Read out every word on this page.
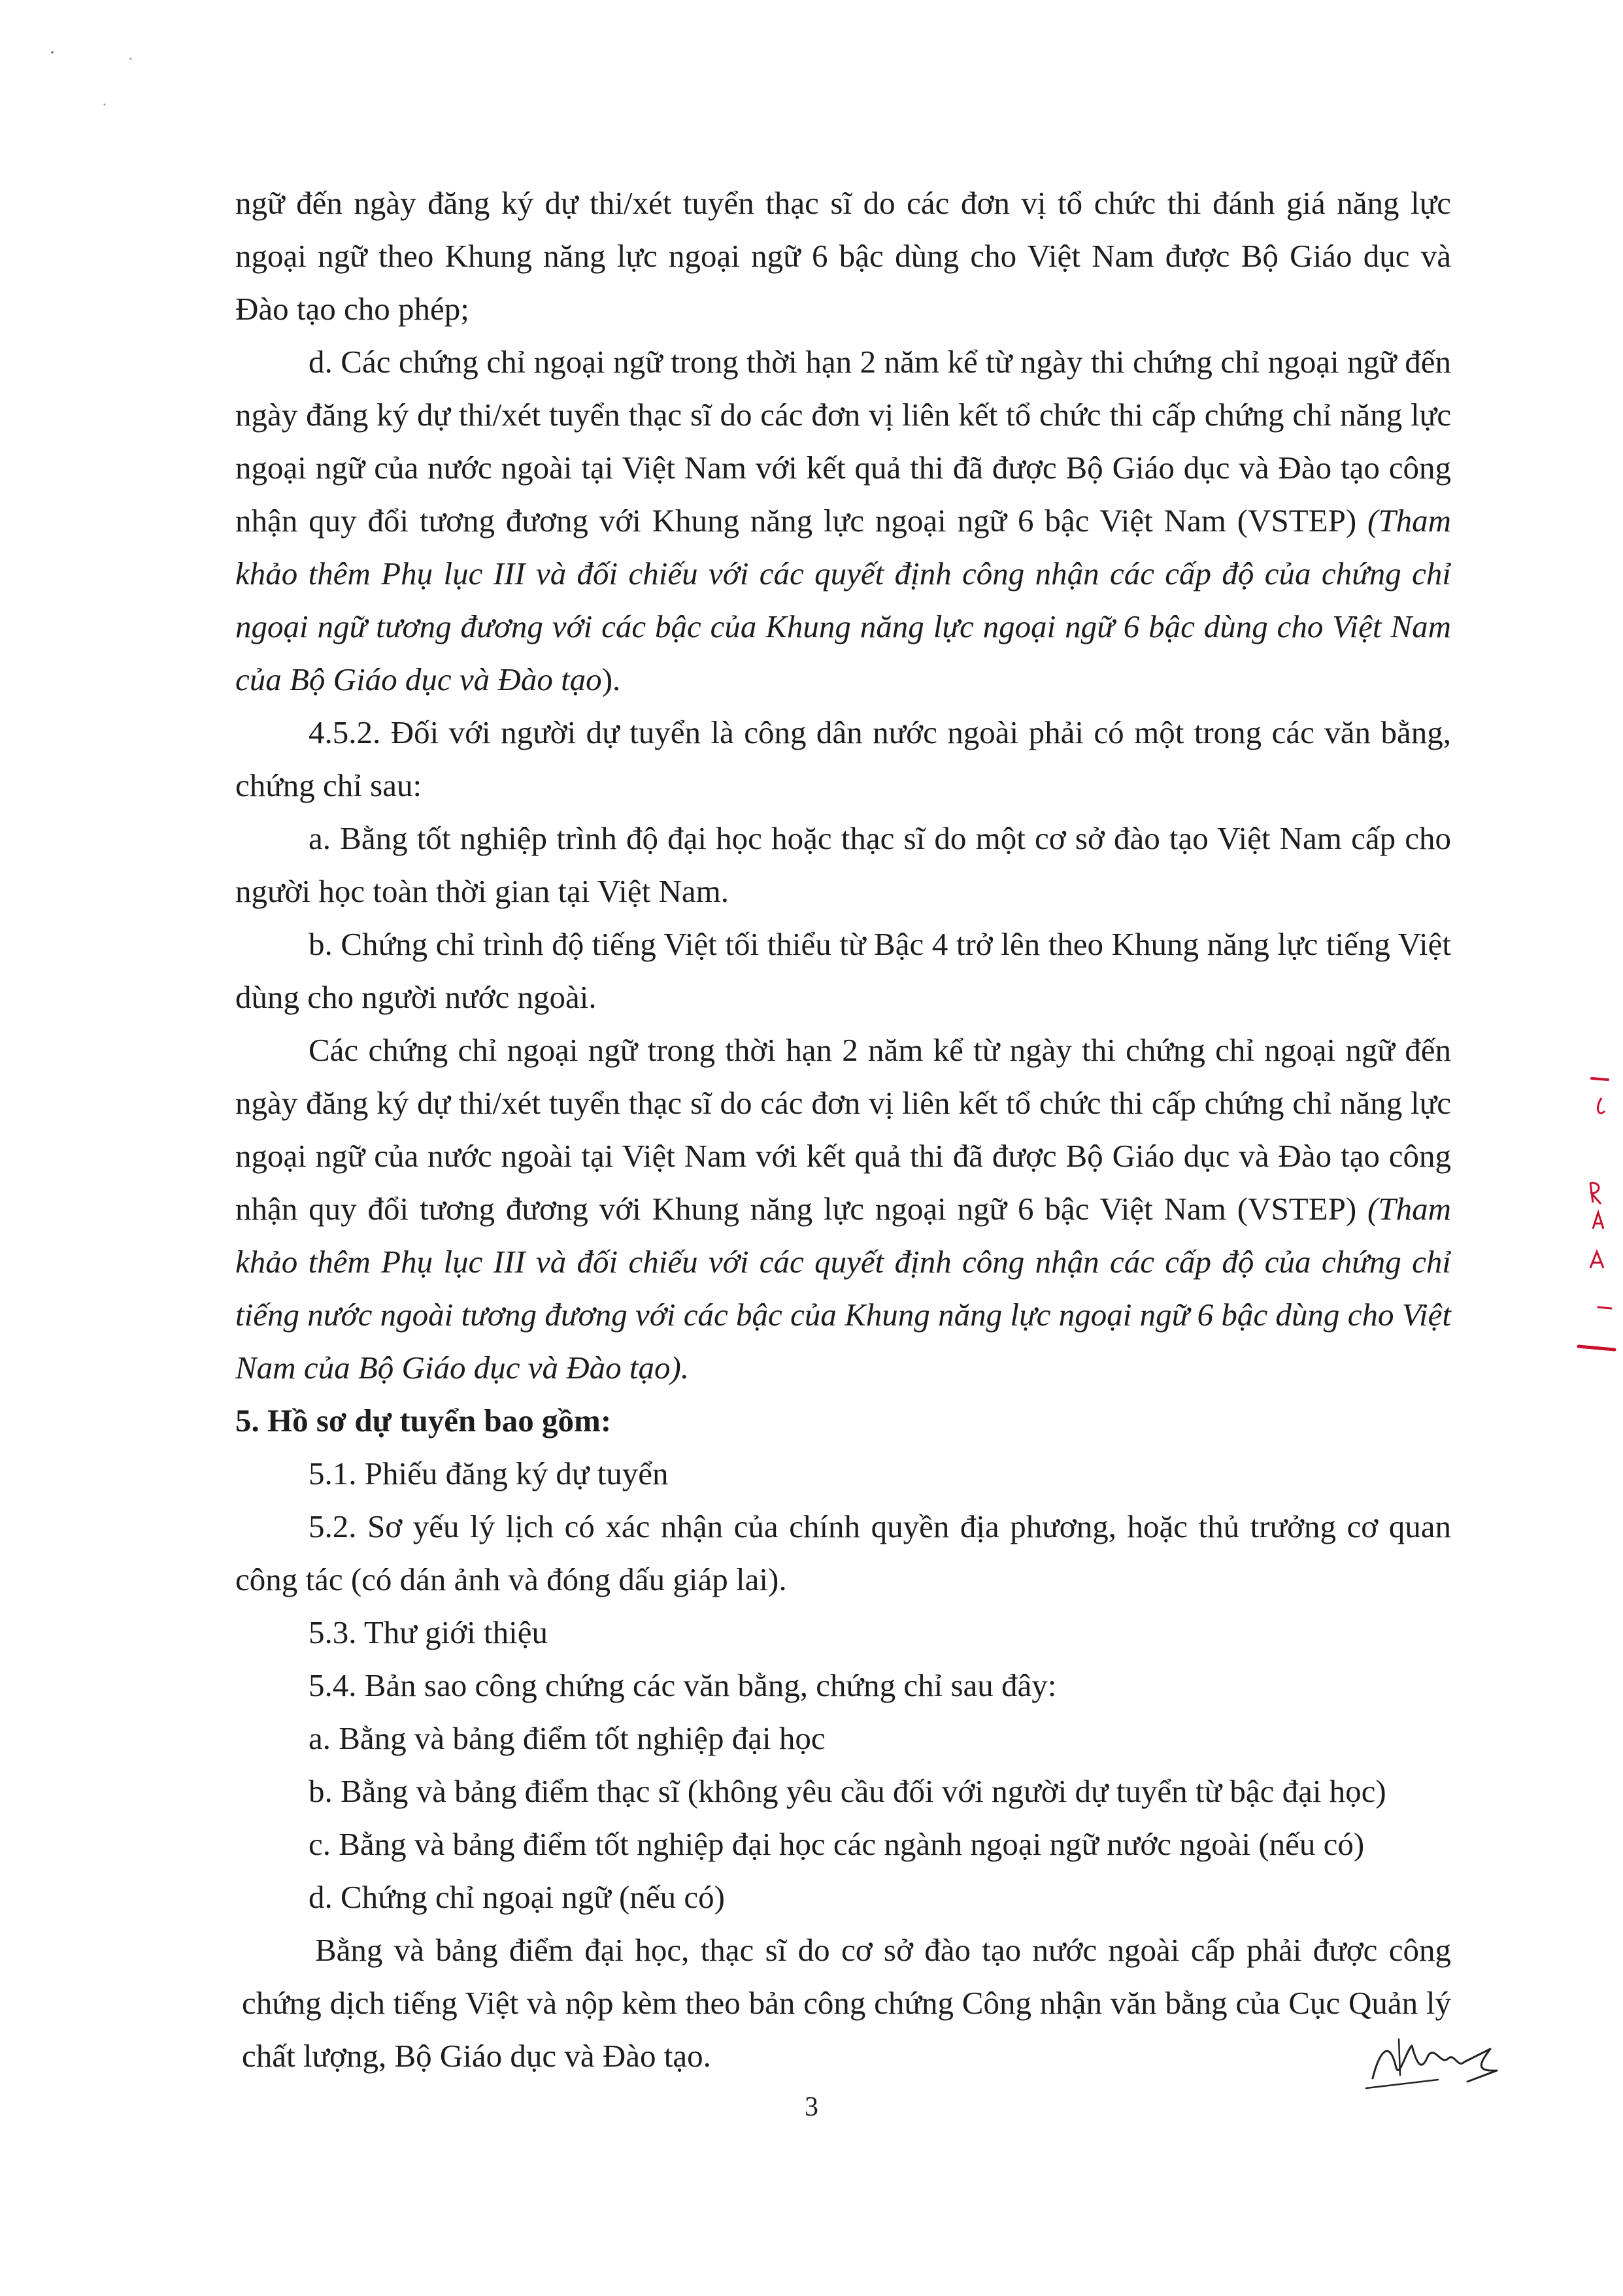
ngữ đến ngày đăng ký dự thi/xét tuyển thạc sĩ do các đơn vị tổ chức thi đánh giá năng lực ngoại ngữ theo Khung năng lực ngoại ngữ 6 bậc dùng cho Việt Nam được Bộ Giáo dục và Đào tạo cho phép;

d. Các chứng chỉ ngoại ngữ trong thời hạn 2 năm kể từ ngày thi chứng chỉ ngoại ngữ đến ngày đăng ký dự thi/xét tuyển thạc sĩ do các đơn vị liên kết tổ chức thi cấp chứng chỉ năng lực ngoại ngữ của nước ngoài tại Việt Nam với kết quả thi đã được Bộ Giáo dục và Đào tạo công nhận quy đổi tương đương với Khung năng lực ngoại ngữ 6 bậc Việt Nam (VSTEP) (Tham khảo thêm Phụ lục III và đối chiếu với các quyết định công nhận các cấp độ của chứng chỉ ngoại ngữ tương đương với các bậc của Khung năng lực ngoại ngữ 6 bậc dùng cho Việt Nam của Bộ Giáo dục và Đào tạo).

4.5.2. Đối với người dự tuyển là công dân nước ngoài phải có một trong các văn bằng, chứng chỉ sau:

a. Bằng tốt nghiệp trình độ đại học hoặc thạc sĩ do một cơ sở đào tạo Việt Nam cấp cho người học toàn thời gian tại Việt Nam.

b. Chứng chỉ trình độ tiếng Việt tối thiểu từ Bậc 4 trở lên theo Khung năng lực tiếng Việt dùng cho người nước ngoài.

Các chứng chỉ ngoại ngữ trong thời hạn 2 năm kể từ ngày thi chứng chỉ ngoại ngữ đến ngày đăng ký dự thi/xét tuyển thạc sĩ do các đơn vị liên kết tổ chức thi cấp chứng chỉ năng lực ngoại ngữ của nước ngoài tại Việt Nam với kết quả thi đã được Bộ Giáo dục và Đào tạo công nhận quy đổi tương đương với Khung năng lực ngoại ngữ 6 bậc Việt Nam (VSTEP) (Tham khảo thêm Phụ lục III và đối chiếu với các quyết định công nhận các cấp độ của chứng chỉ tiếng nước ngoài tương đương với các bậc của Khung năng lực ngoại ngữ 6 bậc dùng cho Việt Nam của Bộ Giáo dục và Đào tạo).

5. Hồ sơ dự tuyển bao gồm:

5.1. Phiếu đăng ký dự tuyển

5.2. Sơ yếu lý lịch có xác nhận của chính quyền địa phương, hoặc thủ trưởng cơ quan công tác (có dán ảnh và đóng dấu giáp lai).

5.3. Thư giới thiệu

5.4. Bản sao công chứng các văn bằng, chứng chỉ sau đây:

a. Bằng và bảng điểm tốt nghiệp đại học

b. Bằng và bảng điểm thạc sĩ (không yêu cầu đối với người dự tuyển từ bậc đại học)

c. Bằng và bảng điểm tốt nghiệp đại học các ngành ngoại ngữ nước ngoài (nếu có)

d. Chứng chỉ ngoại ngữ (nếu có)

Bằng và bảng điểm đại học, thạc sĩ do cơ sở đào tạo nước ngoài cấp phải được công chứng dịch tiếng Việt và nộp kèm theo bản công chứng Công nhận văn bằng của Cục Quản lý chất lượng, Bộ Giáo dục và Đào tạo.

3
